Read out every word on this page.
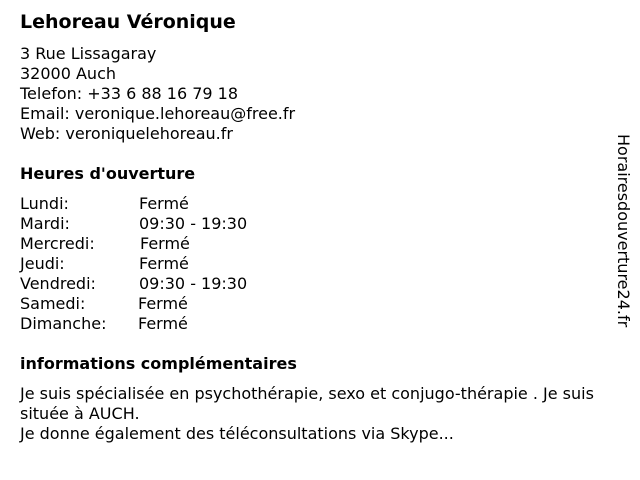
Lehoreau Véronique
3 Rue Lissagaray
32000 Auch
Telefon: +33 6 88 16 79 18
Email: veronique.lehoreau@free.fr
Web: veroniquelehoreau.fr
Heures d'ouverture
Lundi:	Fermé
Mardi:	09:30 - 19:30
Mercredi:	Fermé
Jeudi:	Fermé
Vendredi:	09:30 - 19:30
Samedi:	Fermé
Dimanche: Fermé
informations complémentaires

Je suis spécialisée en psychothérapie, sexo et conjugo-thérapie . Je suis située à AUCH.

Je donne également des téléconsultations via Skype...

Horairesdouverture24.fr
